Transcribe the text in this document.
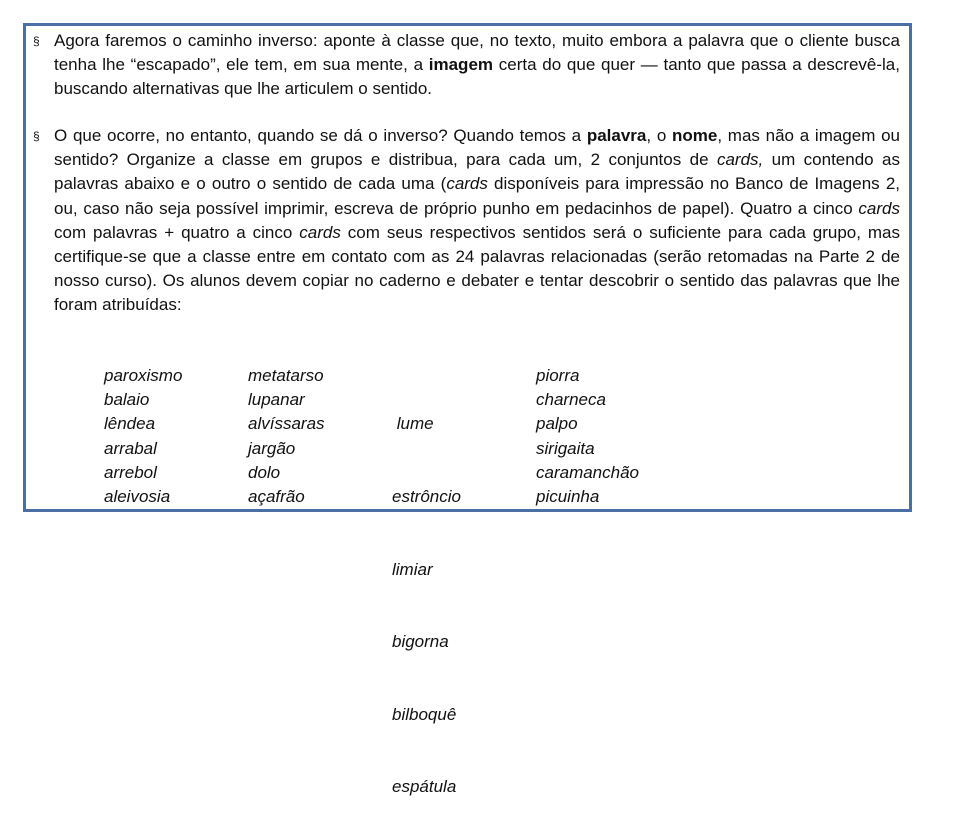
§ Agora faremos o caminho inverso: aponte à classe que, no texto, muito embora a palavra que o cliente busca tenha lhe “escapado”, ele tem, em sua mente, a imagem certa do que quer — tanto que passa a descrevê-la, buscando alternativas que lhe articulem o sentido.
§ O que ocorre, no entanto, quando se dá o inverso? Quando temos a palavra, o nome, mas não a imagem ou sentido? Organize a classe em grupos e distribua, para cada um, 2 conjuntos de cards, um contendo as palavras abaixo e o outro o sentido de cada uma (cards disponíveis para impressão no Banco de Imagens 2, ou, caso não seja possível imprimir, escreva de próprio punho em pedacinhos de papel). Quatro a cinco cards com palavras + quatro a cinco cards com seus respectivos sentidos será o suficiente para cada grupo, mas certifique-se que a classe entre em contato com as 24 palavras relacionadas (serão retomadas na Parte 2 de nosso curso). Os alunos devem copiar no caderno e debater e tentar descobrir o sentido das palavras que lhe foram atribuídas:
paroxismo
balaio
lêndea
arrabal
arrebol
aleivosia
metatarso
lupanar
alvíssaras
jargão
dolo
açafrão

lume

estrôncio

limiar

bigorna

bilboquê

espátula

piorra
charneca
palpo
sirigaita
caramanchão
picuinha
